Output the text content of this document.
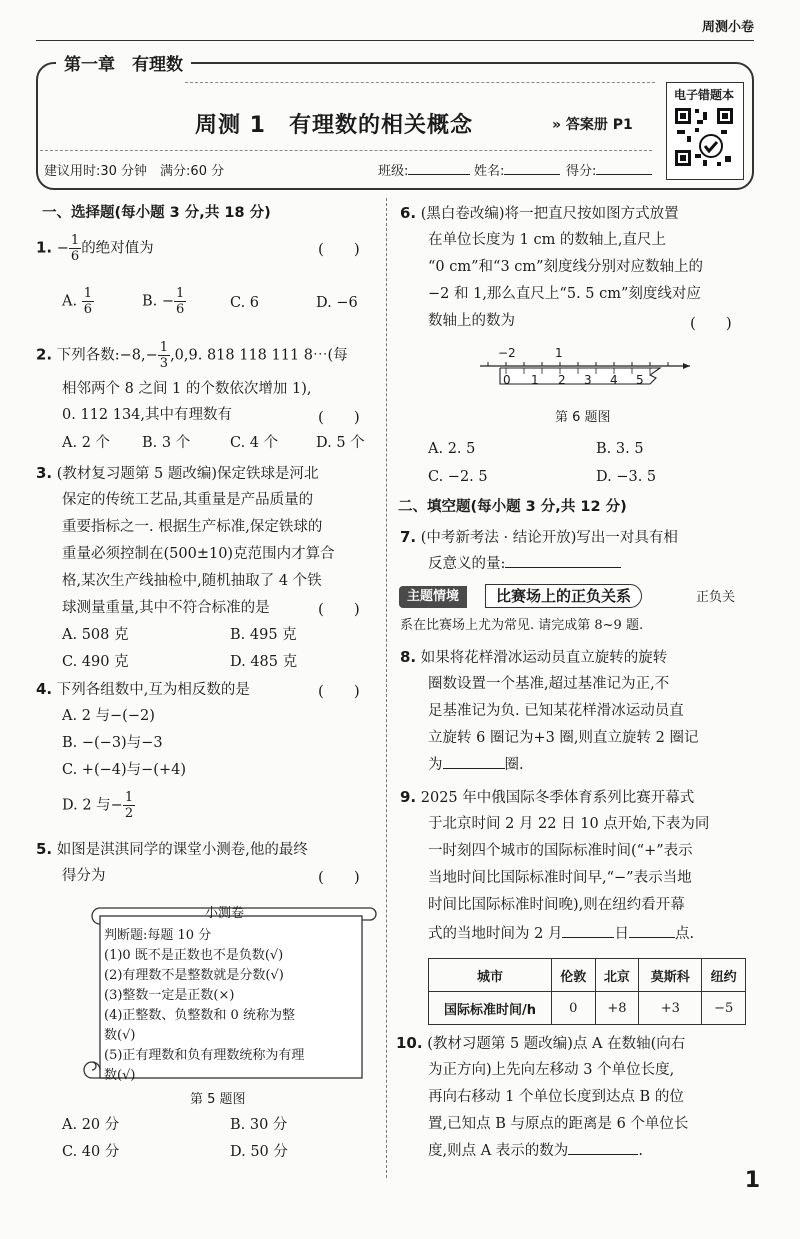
周测小卷
第一章　有理数
周测 1　有理数的相关概念	» 答案册 P1
建议用时:30 分钟　满分:60 分	班级:	姓名:	得分:
电子错题本
一、选择题(每小题 3 分,共 18 分)
1. − $\frac{1}{6}$ 的绝对值为	(　　)
A. $\frac{1}{6}$	B. − $\frac{1}{6}$	C. 6	D. −6
2. 下列各数:−8,− $\frac{1}{3} ,0,9$. 818 118 111 8⋯(每
相邻两个 8 之间 1 的个数依次增加 1),
0. 112 134,其中有理数有	(　　)
A. 2 个 B. 3 个	C. 4 个	D. 5 个
3. (教材复习题第 5 题改编)保定铁球是河北
保定的传统工艺品,其重量是产品质量的
重要指标之一. 根据生产标准,保定铁球的
重量必须控制在(500±10)克范围内才算合
格,某次生产线抽检中,随机抽取了 4 个铁
球测量重量,其中不符合标准的是	(　　)
A. 508 克	B. 495 克
C. 490 克	D. 485 克
4. 下列各组数中,互为相反数的是	(　　)
A. 2 与−(−2)
B. −(−3)与−3
C. +(−4)与−(+4)
D. 2 与− $\frac{1}{2}$
5. 如图是淇淇同学的课堂小测卷,他的最终
得分为	(　　)
小测卷
判断题:每题 10 分
(1)0 既不是正数也不是负数(√)
(2)有理数不是整数就是分数(√)
(3)整数一定是正数(×)
(4)正整数、负整数和 0 统称为整
数(√)
(5)正有理数和负有理数统称为有理
数(√)
第 5 题图
A. 20 分	B. 30 分
C. 40 分	D. 50 分
6. (黑白卷改编)将一把直尺按如图方式放置
在单位长度为 1 cm 的数轴上,直尺上
“0 cm”和“3 cm”刻度线分别对应数轴上的
−2 和 1,那么直尺上“5. 5 cm”刻度线对应
数轴上的数为	(　　)
−2	1
0 1 2 3 4 5
第 6 题图
A. 2. 5	B. 3. 5
C. −2. 5	D. −3. 5
二、填空题(每小题 3 分,共 12 分)
7. (中考新考法 · 结论开放)写出一对具有相
反意义的量:
主题情境	比赛场上的正负关系	正负关
系在比赛场上尤为常见. 请完成第 8~9 题.
8. 如果将花样滑冰运动员直立旋转的旋转
圈数设置一个基准,超过基准记为正,不
足基准记为负. 已知某花样滑冰运动员直
立旋转 6 圈记为+3 圈,则直立旋转 2 圈记
为	圈.
9. 2025 年中俄国际冬季体育系列比赛开幕式
于北京时间 2 月 22 日 10 点开始,下表为同
一时刻四个城市的国际标准时间(“+”表示
当地时间比国际标准时间早,“−”表示当地
时间比国际标准时间晚),则在纽约看开幕
式的当地时间为 2 月	日	点.
城市	伦敦	北京	莫斯科	纽约
国际标准时间/h	0	+8	+3	−5
10. (教材习题第 5 题改编)点 A 在数轴(向右
为正方向)上先向左移动 3 个单位长度,
再向右移动 1 个单位长度到达点 B 的位
置,已知点 B 与原点的距离是 6 个单位长
度,则点 A 表示的数为	.
1
